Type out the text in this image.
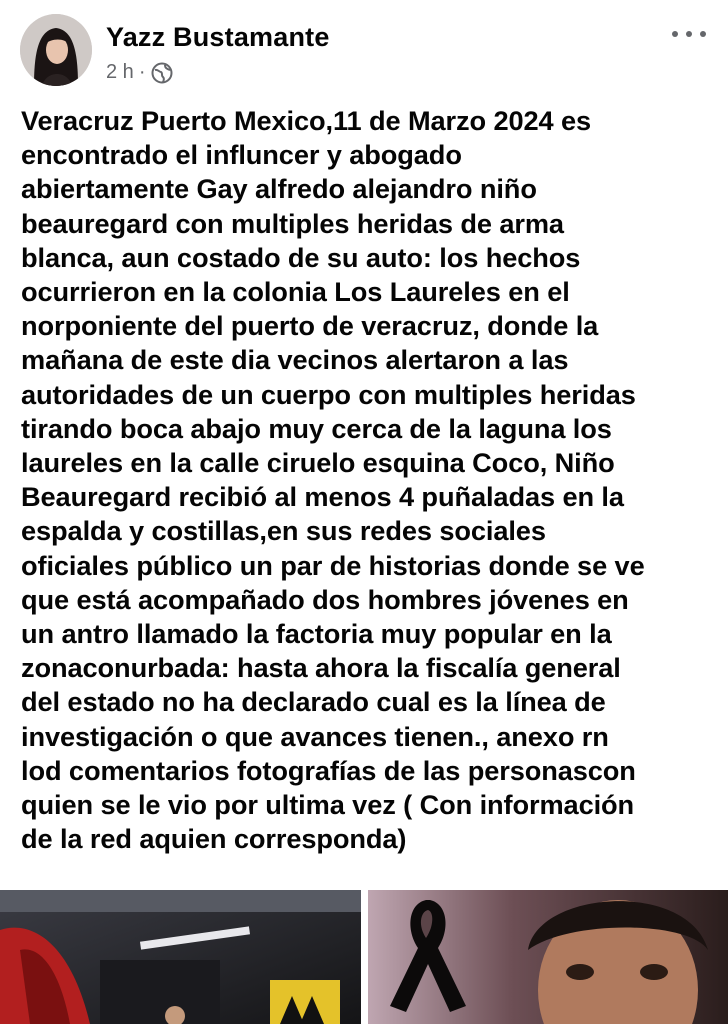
Yazz Bustamante
2 h ·
Veracruz Puerto Mexico,11 de Marzo 2024 es
encontrado el influncer y abogado
abiertamente Gay alfredo alejandro niño
beauregard con multiples heridas de arma
blanca, aun costado de su auto: los hechos
ocurrieron en la colonia Los Laureles en el
norponiente del puerto de veracruz, donde la
mañana de este dia vecinos alertaron a las
autoridades de un cuerpo con multiples heridas
tirando boca abajo muy cerca de la laguna los
laureles en la calle ciruelo esquina Coco, Niño
Beauregard recibió al menos 4 puñaladas en la
espalda y costillas,en sus redes sociales
oficiales público un par de historias donde se ve
que está acompañado dos hombres jóvenes en
un antro llamado la factoria muy popular en la
zonaconurbada: hasta ahora la fiscalía general
del estado no ha declarado cual es la línea de
investigación o que avances tienen., anexo rn
lod comentarios fotografías de las personascon
quien se le vio por ultima vez ( Con información
de la red aquien corresponda)
